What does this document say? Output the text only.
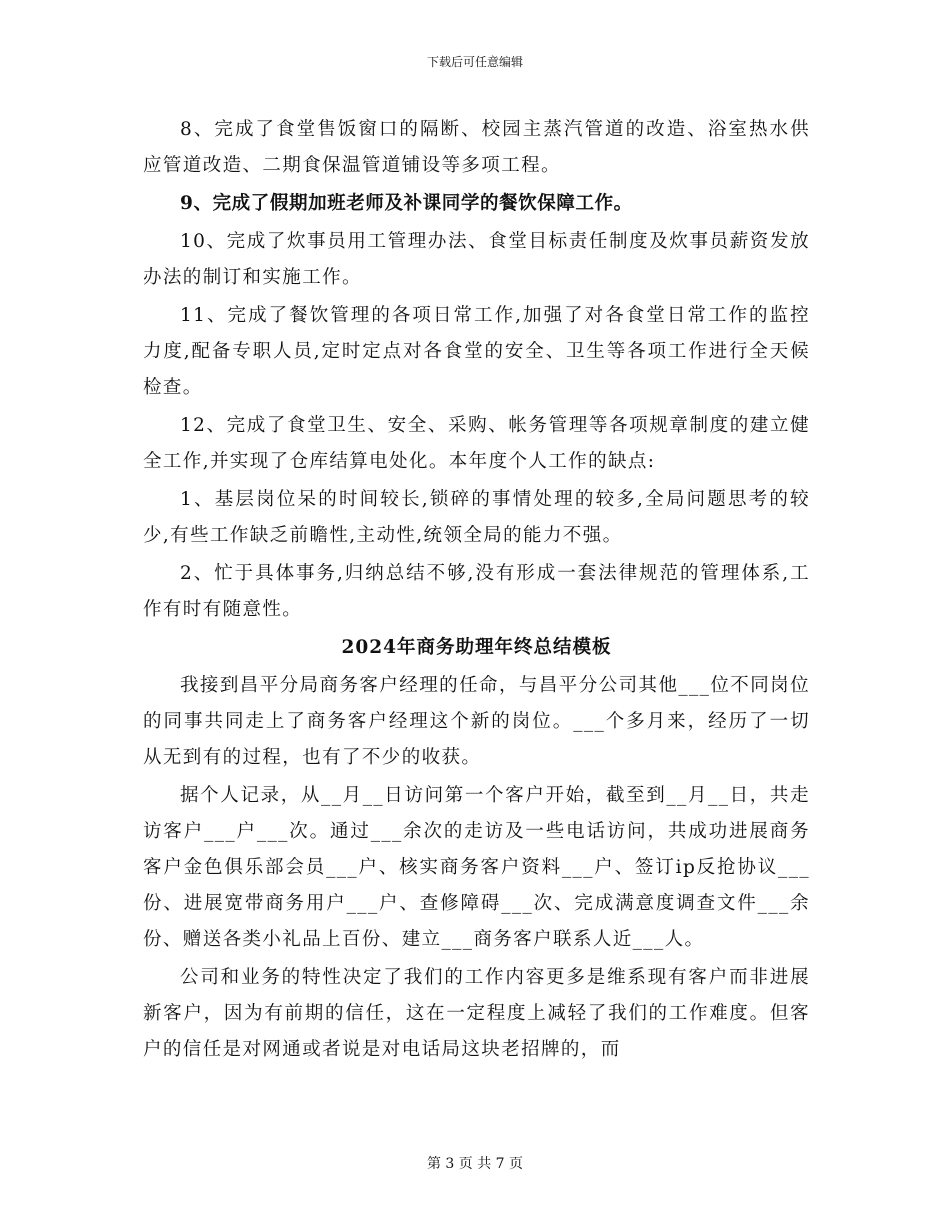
下载后可任意编辑

8、完成了食堂售饭窗口的隔断、校园主蒸汽管道的改造、浴室热水供应管道改造、二期食保温管道铺设等多项工程。

9、完成了假期加班老师及补课同学的餐饮保障工作。

10、完成了炊事员用工管理办法、食堂目标责任制度及炊事员薪资发放办法的制订和实施工作。

11、完成了餐饮管理的各项日常工作,加强了对各食堂日常工作的监控力度,配备专职人员,定时定点对各食堂的安全、卫生等各项工作进行全天候检查。

12、完成了食堂卫生、安全、采购、帐务管理等各项规章制度的建立健全工作,并实现了仓库结算电处化。本年度个人工作的缺点:

1、基层岗位呆的时间较长,锁碎的事情处理的较多,全局问题思考的较少,有些工作缺乏前瞻性,主动性,统领全局的能力不强。

2、忙于具体事务,归纳总结不够,没有形成一套法律规范的管理体系,工作有时有随意性。

2024年商务助理年终总结模板

我接到昌平分局商务客户经理的任命，与昌平分公司其他___位不同岗位的同事共同走上了商务客户经理这个新的岗位。___个多月来，经历了一切从无到有的过程，也有了不少的收获。

据个人记录，从__月__日访问第一个客户开始，截至到__月__日，共走访客户___户___次。通过___余次的走访及一些电话访问，共成功进展商务客户金色俱乐部会员___户、核实商务客户资料___户、签订ip反抢协议___份、进展宽带商务用户___户、查修障碍___次、完成满意度调查文件___余份、赠送各类小礼品上百份、建立___商务客户联系人近___人。

公司和业务的特性决定了我们的工作内容更多是维系现有客户而非进展新客户，因为有前期的信任，这在一定程度上减轻了我们的工作难度。但客户的信任是对网通或者说是对电话局这块老招牌的，而

第 3 页 共 7 页
